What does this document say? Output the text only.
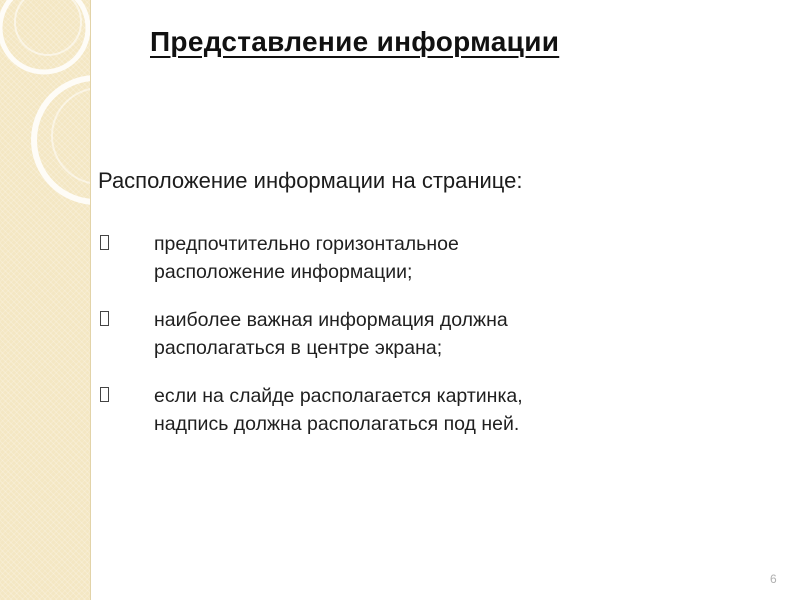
Представление информации
Расположение информации на странице:
предпочтительно горизонтальное
расположение информации;
наиболее важная информация должна
располагаться в центре экрана;
если на слайде располагается картинка,
надпись должна располагаться под ней.
6
